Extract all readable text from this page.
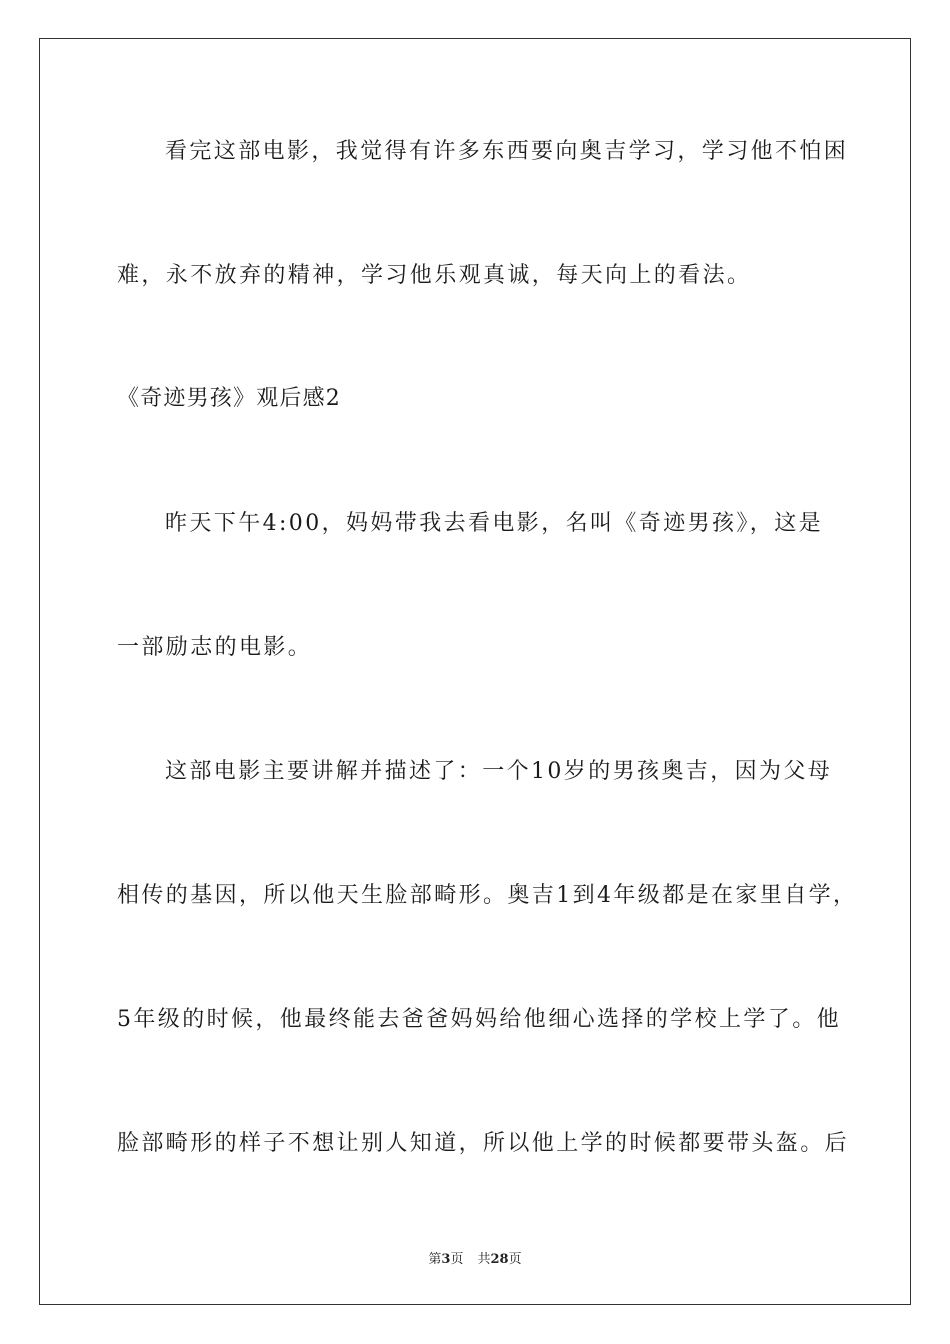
看完这部电影，我觉得有许多东西要向奥吉学习，学习他不怕困
难，永不放弃的精神，学习他乐观真诚，每天向上的看法。
《奇迹男孩》观后感2
昨天下午4:00，妈妈带我去看电影，名叫《奇迹男孩》，这是
一部励志的电影。
这部电影主要讲解并描述了：一个10岁的男孩奥吉，因为父母
相传的基因，所以他天生脸部畸形。奥吉1到4年级都是在家里自学，
5年级的时候，他最终能去爸爸妈妈给他细心选择的学校上学了。他
脸部畸形的样子不想让别人知道，所以他上学的时候都要带头盔。后
第3页 共28页
